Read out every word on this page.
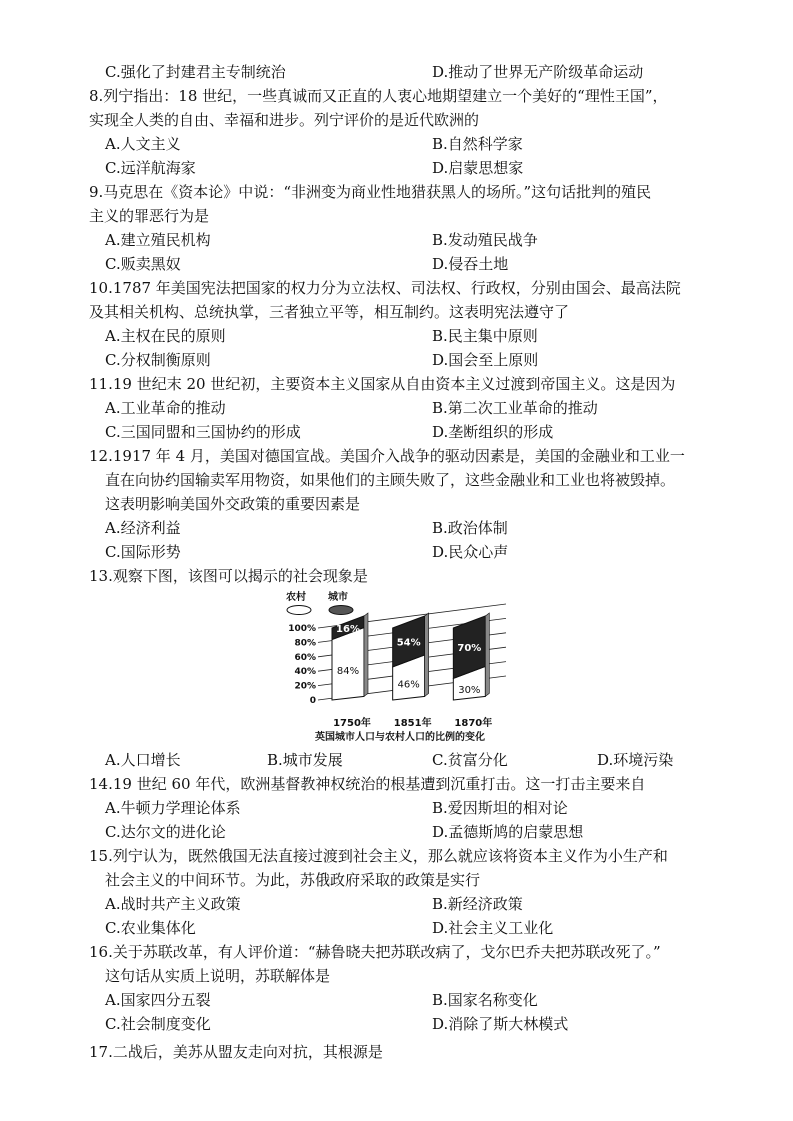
C.强化了封建君主专制统治	D.推动了世界无产阶级革命运动
8.列宁指出：18 世纪，一些真诚而又正直的人衷心地期望建立一个美好的“理性王国”，
实现全人类的自由、幸福和进步。列宁评价的是近代欧洲的
A.人文主义	B.自然科学家
C.远洋航海家	D.启蒙思想家
9.马克思在《资本论》中说：“非洲变为商业性地猎获黑人的场所。”这句话批判的殖民
主义的罪恶行为是
A.建立殖民机构	B.发动殖民战争
C.贩卖黑奴	D.侵吞土地
10.1787 年美国宪法把国家的权力分为立法权、司法权、行政权，分别由国会、最高法院
及其相关机构、总统执掌，三者独立平等，相互制约。这表明宪法遵守了
A.主权在民的原则	B.民主集中原则
C.分权制衡原则	D.国会至上原则
11.19 世纪末 20 世纪初，主要资本主义国家从自由资本主义过渡到帝国主义。这是因为
A.工业革命的推动	B.第二次工业革命的推动
C.三国同盟和三国协约的形成	D.垄断组织的形成
12.1917 年 4 月，美国对德国宣战。美国介入战争的驱动因素是，美国的金融业和工业一
直在向协约国输卖军用物资，如果他们的主顾失败了，这些金融业和工业也将被毁掉。
这表明影响美国外交政策的重要因素是
A.经济利益	B.政治体制
C.国际形势	D.民众心声
13.观察下图，该图可以揭示的社会现象是
农村 城市
100%
80%
60%
40%
20%
0
84%
16%
1750年
46%
54%
1851年
30%
70%
1870年
英国城市人口与农村人口的比例的变化
A.人口增长	B.城市发展	C.贫富分化	D.环境污染
14.19 世纪 60 年代，欧洲基督教神权统治的根基遭到沉重打击。这一打击主要来自
A.牛顿力学理论体系	B.爱因斯坦的相对论
C.达尔文的进化论	D.孟德斯鸠的启蒙思想
15.列宁认为，既然俄国无法直接过渡到社会主义，那么就应该将资本主义作为小生产和
社会主义的中间环节。为此，苏俄政府采取的政策是实行
A.战时共产主义政策	B.新经济政策
C.农业集体化	D.社会主义工业化
16.关于苏联改革，有人评价道：“赫鲁晓夫把苏联改病了，戈尔巴乔夫把苏联改死了。”
这句话从实质上说明，苏联解体是
A.国家四分五裂	B.国家名称变化
C.社会制度变化	D.消除了斯大林模式
17.二战后，美苏从盟友走向对抗，其根源是
